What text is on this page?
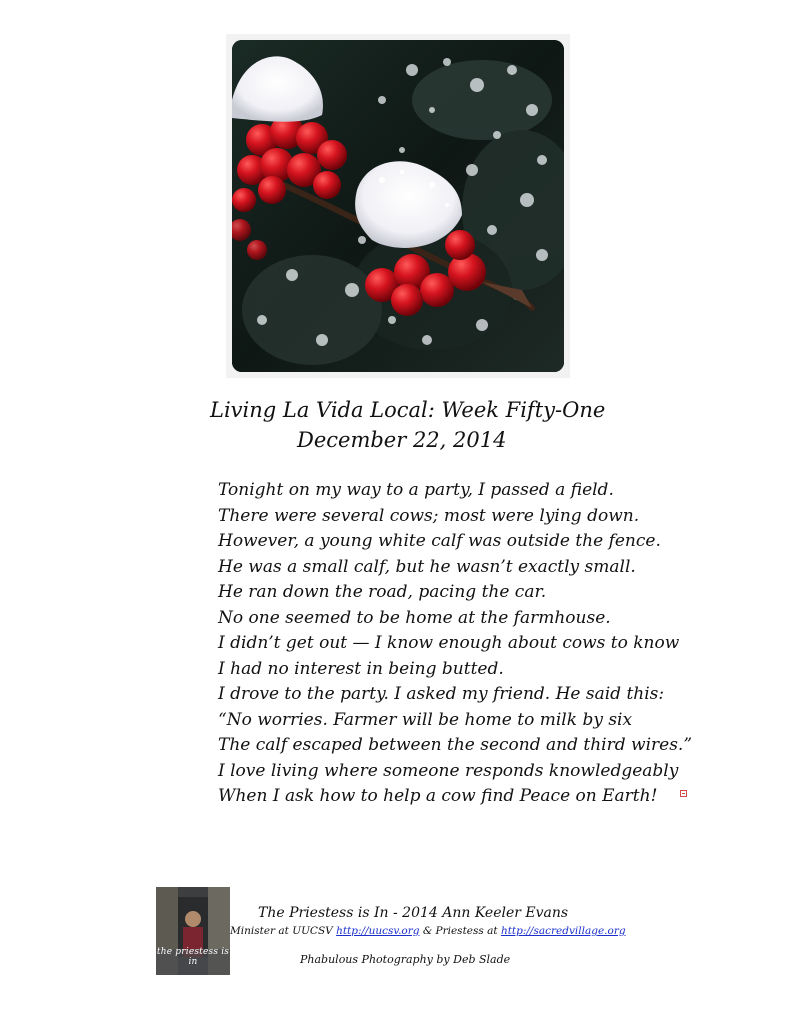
Living La Vida Local: Week Fifty-One
December 22, 2014
Tonight on my way to a party, I passed a field.
There were several cows; most were lying down.
However, a young white calf was outside the fence.
He was a small calf, but he wasn’t exactly small.
He ran down the road, pacing the car.
No one seemed to be home at the farmhouse.
I didn’t get out — I know enough about cows to know
I had no interest in being butted.
I drove to the party. I asked my friend. He said this:
“No worries. Farmer will be home to milk by six
The calf escaped between the second and third wires.”
I love living where someone responds knowledgeably
When I ask how to help a cow find Peace on Earth!
the priestess is in

The Priestess is In - 2014 Ann Keeler Evans

Minister at UUCSV http://uucsv.org & Priestess at http://sacredvillage.org

Phabulous Photography by Deb Slade
